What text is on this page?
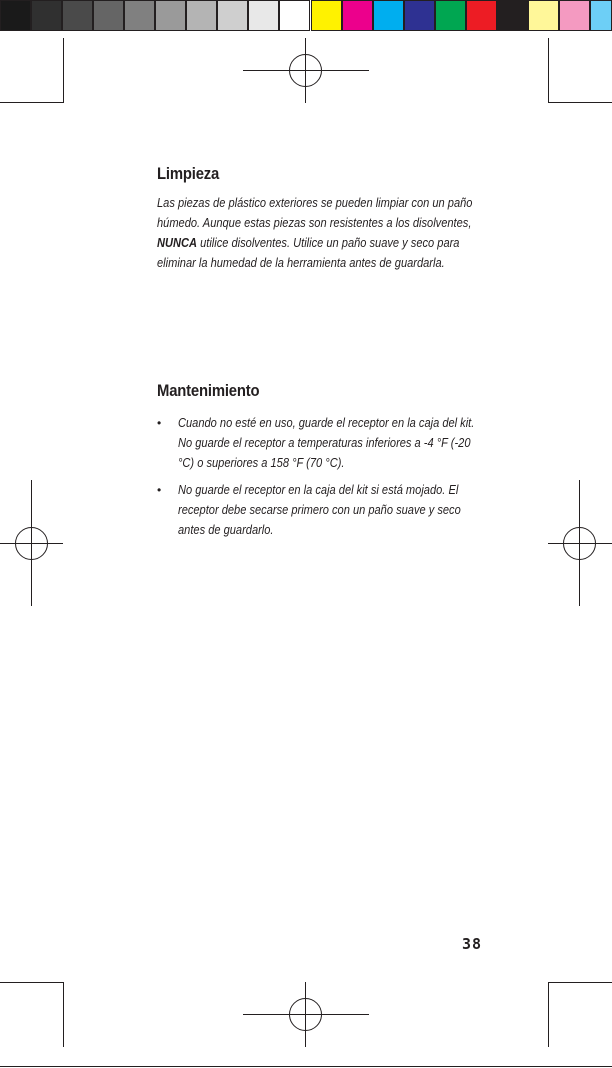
Limpieza

Las piezas de plástico exteriores se pueden limpiar con un paño húmedo. Aunque estas piezas son resistentes a los disolventes, NUNCA utilice disolventes. Utilice un paño suave y seco para eliminar la humedad de la herramienta antes de guardarla.

Mantenimiento
• Cuando no esté en uso, guarde el receptor en la caja del kit. No guarde el receptor a temperaturas inferiores a -4 °F (-20 °C) o superiores a 158 °F (70 °C).

• No guarde el receptor en la caja del kit si está mojado. El receptor debe secarse primero con un paño suave y seco antes de guardarlo.

38
